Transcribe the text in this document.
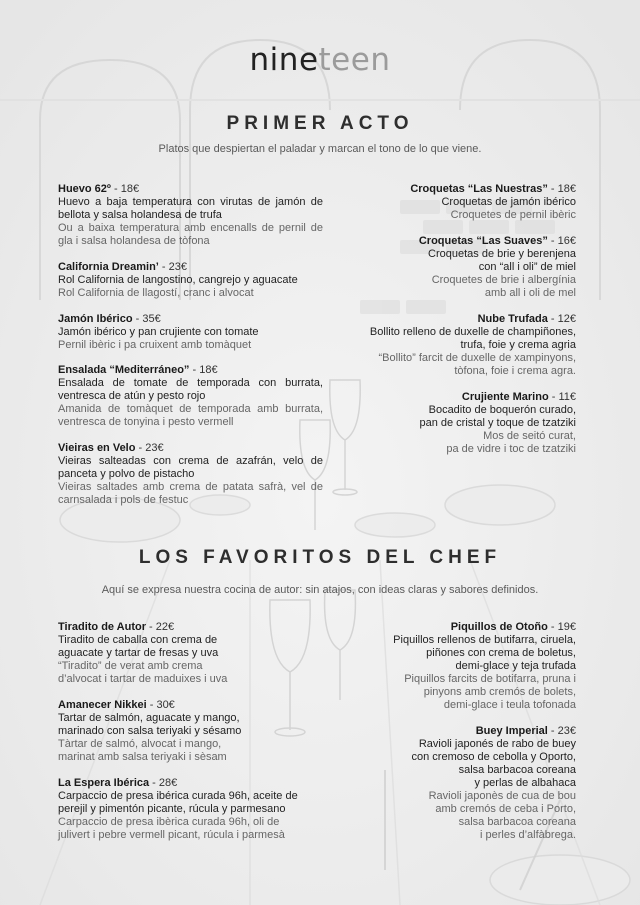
nineteen
PRIMER ACTO
Platos que despiertan el paladar y marcan el tono de lo que viene.
Huevo 62º - 18€
Huevo a baja temperatura con virutas de jamón de bellota y salsa holandesa de trufa
Ou a baixa temperatura amb encenalls de pernil de gla i salsa holandesa de tòfona
California Dreamin’ - 23€
Rol California de langostino, cangrejo y aguacate
Rol California de llagostí, cranc i alvocat
Jamón Ibérico - 35€
Jamón ibérico y pan crujiente con tomate
Pernil ibèric i pa cruixent amb tomàquet
Ensalada “Mediterráneo” - 18€
Ensalada de tomate de temporada con burrata, ventresca de atún y pesto rojo
Amanida de tomàquet de temporada amb burrata, ventresca de tonyina i pesto vermell
Vieiras en Velo - 23€
Vieiras salteadas con crema de azafrán, velo de panceta y polvo de pistacho
Vieiras saltades amb crema de patata safrà, vel de carnsalada i pols de festuc
Croquetas “Las Nuestras” - 18€
Croquetas de jamón ibérico
Croquetes de pernil ibèric
Croquetas “Las Suaves” - 16€
Croquetas de brie y berenjena
con “all i oli” de miel
Croquetes de brie i albergínia
amb all i oli de mel
Nube Trufada - 12€
Bollito relleno de duxelle de champiñones,
trufa, foie y crema agria
“Bollito” farcit de duxelle de xampinyons,
tòfona, foie i crema agra.
Crujiente Marino - 11€
Bocadito de boquerón curado,
pan de cristal y toque de tzatziki
Mos de seitó curat,
pa de vidre i toc de tzatziki
LOS FAVORITOS DEL CHEF
Aquí se expresa nuestra cocina de autor: sin atajos, con ideas claras y sabores definidos.
Tiradito de Autor - 22€
Tiradito de caballa con crema de
aguacate y tartar de fresas y uva
“Tiradito” de verat amb crema
d’alvocat i tartar de maduixes i uva
Amanecer Nikkei - 30€
Tartar de salmón, aguacate y mango,
marinado con salsa teriyaki y sésamo
Tàrtar de salmó, alvocat i mango,
marinat amb salsa teriyaki i sèsam
La Espera Ibérica - 28€
Carpaccio de presa ibérica curada 96h, aceite de
perejil y pimentón picante, rúcula y parmesano
Carpaccio de presa ibèrica curada 96h, oli de
julivert i pebre vermell picant, rúcula i parmesà
Piquillos de Otoño - 19€
Piquillos rellenos de butifarra, ciruela,
piñones con crema de boletus,
demi-glace y teja trufada
Piquillos farcits de botifarra, pruna i
pinyons amb cremós de bolets,
demi-glace i teula tofonada
Buey Imperial - 23€
Ravioli japonés de rabo de buey
con cremoso de cebolla y Oporto,
salsa barbacoa coreana
y perlas de albahaca
Ravioli japonès de cua de bou
amb cremós de ceba i Porto,
salsa barbacoa coreana
i perles d’alfàbrega.
